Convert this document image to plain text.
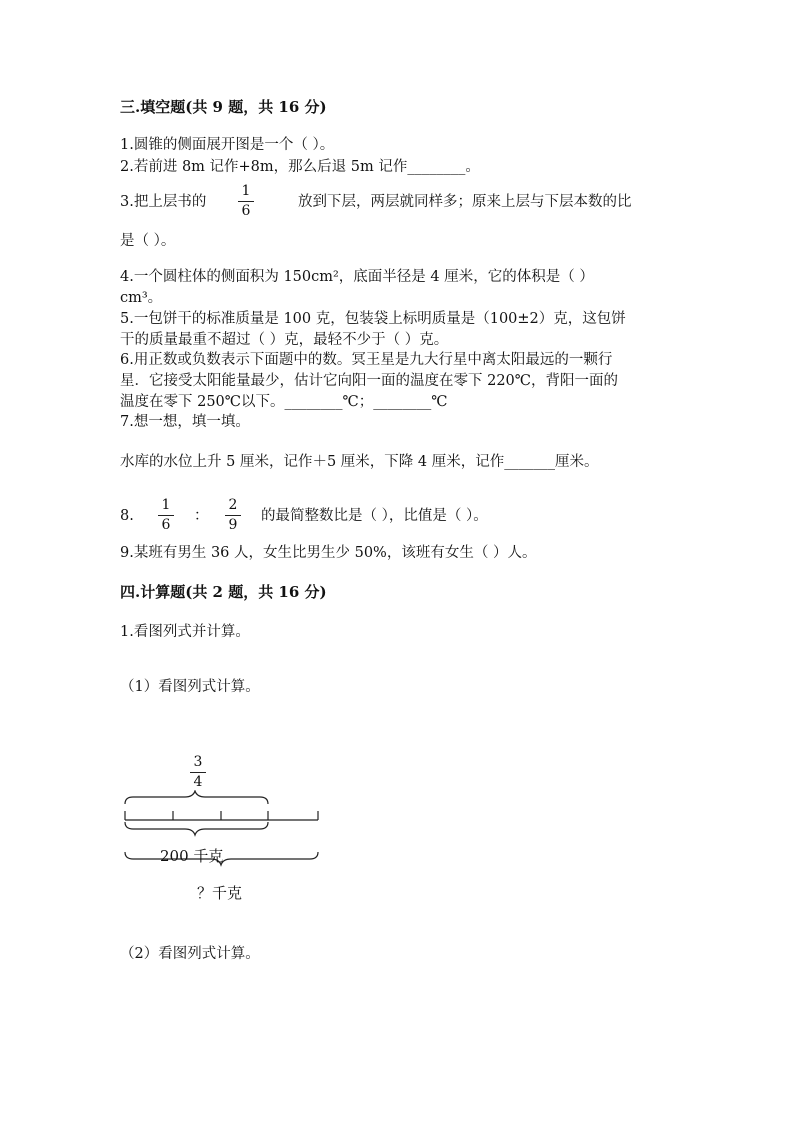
三.填空题(共 9 题，共 16 分)
1.圆锥的侧面展开图是一个（ ）。
2.若前进 8m 记作+8m，那么后退 5m 记作________。
3.把上层书的
1
6
放到下层，两层就同样多；原来上层与下层本数的比
是（ ）。
4.一个圆柱体的侧面积为 150cm²，底面半径是 4 厘米，它的体积是（ ）
cm³。
5.一包饼干的标准质量是 100 克，包装袋上标明质量是（100±2）克，这包饼
干的质量最重不超过（ ）克，最轻不少于（ ）克。
6.用正数或负数表示下面题中的数。冥王星是九大行星中离太阳最远的一颗行
星．它接受太阳能量最少，估计它向阳一面的温度在零下 220℃，背阳一面的
温度在零下 250℃以下。________℃；________℃
7.想一想，填一填。
水库的水位上升 5 厘米，记作＋5 厘米，下降 4 厘米，记作_______厘米。
8.
1
6
：
2
9
的最简整数比是（ ），比值是（ ）。
9.某班有男生 36 人，女生比男生少 50%，该班有女生（ ）人。
四.计算题(共 2 题，共 16 分)
1.看图列式并计算。
（1）看图列式计算。
3
4
200 千克
？千克
（2）看图列式计算。
